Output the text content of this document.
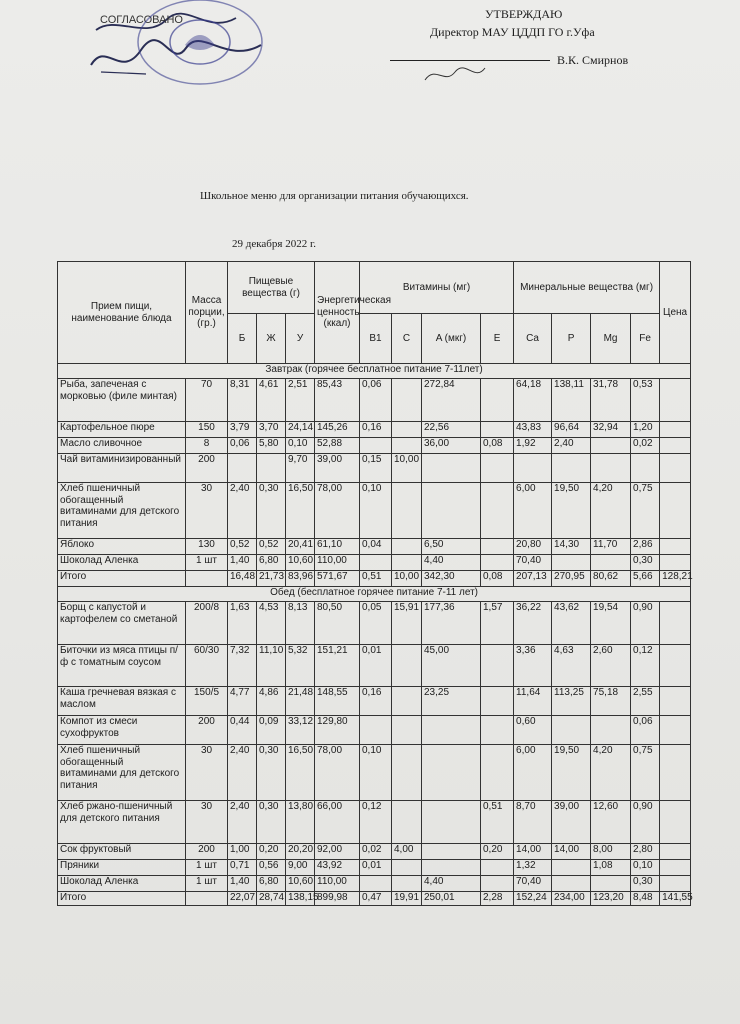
СОГЛАСОВАНО	УТВЕРЖДАЮ
Директор МАУ ЦДДП ГО г.Уфа
В.К. Смирнов
Школьное меню для организации питания обучающихся.
29 декабря 2022 г.
Прием пищи, наименование блюда	Масса порции, (гр.)	Пищевые вещества (г)			Энергетическая ценность (ккал)	Витамины (мг)				Минеральные вещества (мг)				Цена
		Б	Ж	У		B1	C	A (мкг)	E	Ca	P	Mg	Fe	
Завтрак (горячее бесплатное питание 7-11лет)														
Рыба, запеченая с морковью (филе минтая)	70	8,31	4,61	2,51	85,43	0,06		272,84		64,18	138,11	31,78	0,53	
Картофельное пюре	150	3,79	3,70	24,14	145,26	0,16		22,56		43,83	96,64	32,94	1,20	
Масло сливочное	8	0,06	5,80	0,10	52,88			36,00	0,08	1,92	2,40		0,02	
Чай витаминизированный	200			9,70	39,00	0,15	10,00							
Хлеб пшеничный обогащенный витаминами для детского питания	30	2,40	0,30	16,50	78,00	0,10				6,00	19,50	4,20	0,75	
Яблоко	130	0,52	0,52	20,41	61,10	0,04		6,50		20,80	14,30	11,70	2,86	
Шоколад Аленка	1 шт	1,40	6,80	10,60	110,00			4,40		70,40			0,30	
Итого		16,48	21,73	83,96	571,67	0,51	10,00	342,30	0,08	207,13	270,95	80,62	5,66	128,21
Обед (бесплатное горячее питание 7-11 лет)														
Борщ с капустой и картофелем со сметаной	200/8	1,63	4,53	8,13	80,50	0,05	15,91	177,36	1,57	36,22	43,62	19,54	0,90	
Биточки из мяса птицы п/ф с томатным соусом	60/30	7,32	11,10	5,32	151,21	0,01		45,00		3,36	4,63	2,60	0,12	
Каша гречневая вязкая с маслом	150/5	4,77	4,86	21,48	148,55	0,16		23,25		11,64	113,25	75,18	2,55	
Компот из смеси сухофруктов	200	0,44	0,09	33,12	129,80					0,60			0,06	
Хлеб пшеничный обогащенный витаминами для детского питания	30	2,40	0,30	16,50	78,00	0,10				6,00	19,50	4,20	0,75	
Хлеб ржано-пшеничный для детского питания	30	2,40	0,30	13,80	66,00	0,12			0,51	8,70	39,00	12,60	0,90	
Сок фруктовый	200	1,00	0,20	20,20	92,00	0,02	4,00		0,20	14,00	14,00	8,00	2,80	
Пряники	1 шт	0,71	0,56	9,00	43,92	0,01				1,32		1,08	0,10	
Шоколад Аленка	1 шт	1,40	6,80	10,60	110,00			4,40		70,40			0,30	
Итого		22,07	28,74	138,15	899,98	0,47	19,91	250,01	2,28	152,24	234,00	123,20	8,48	141,55
